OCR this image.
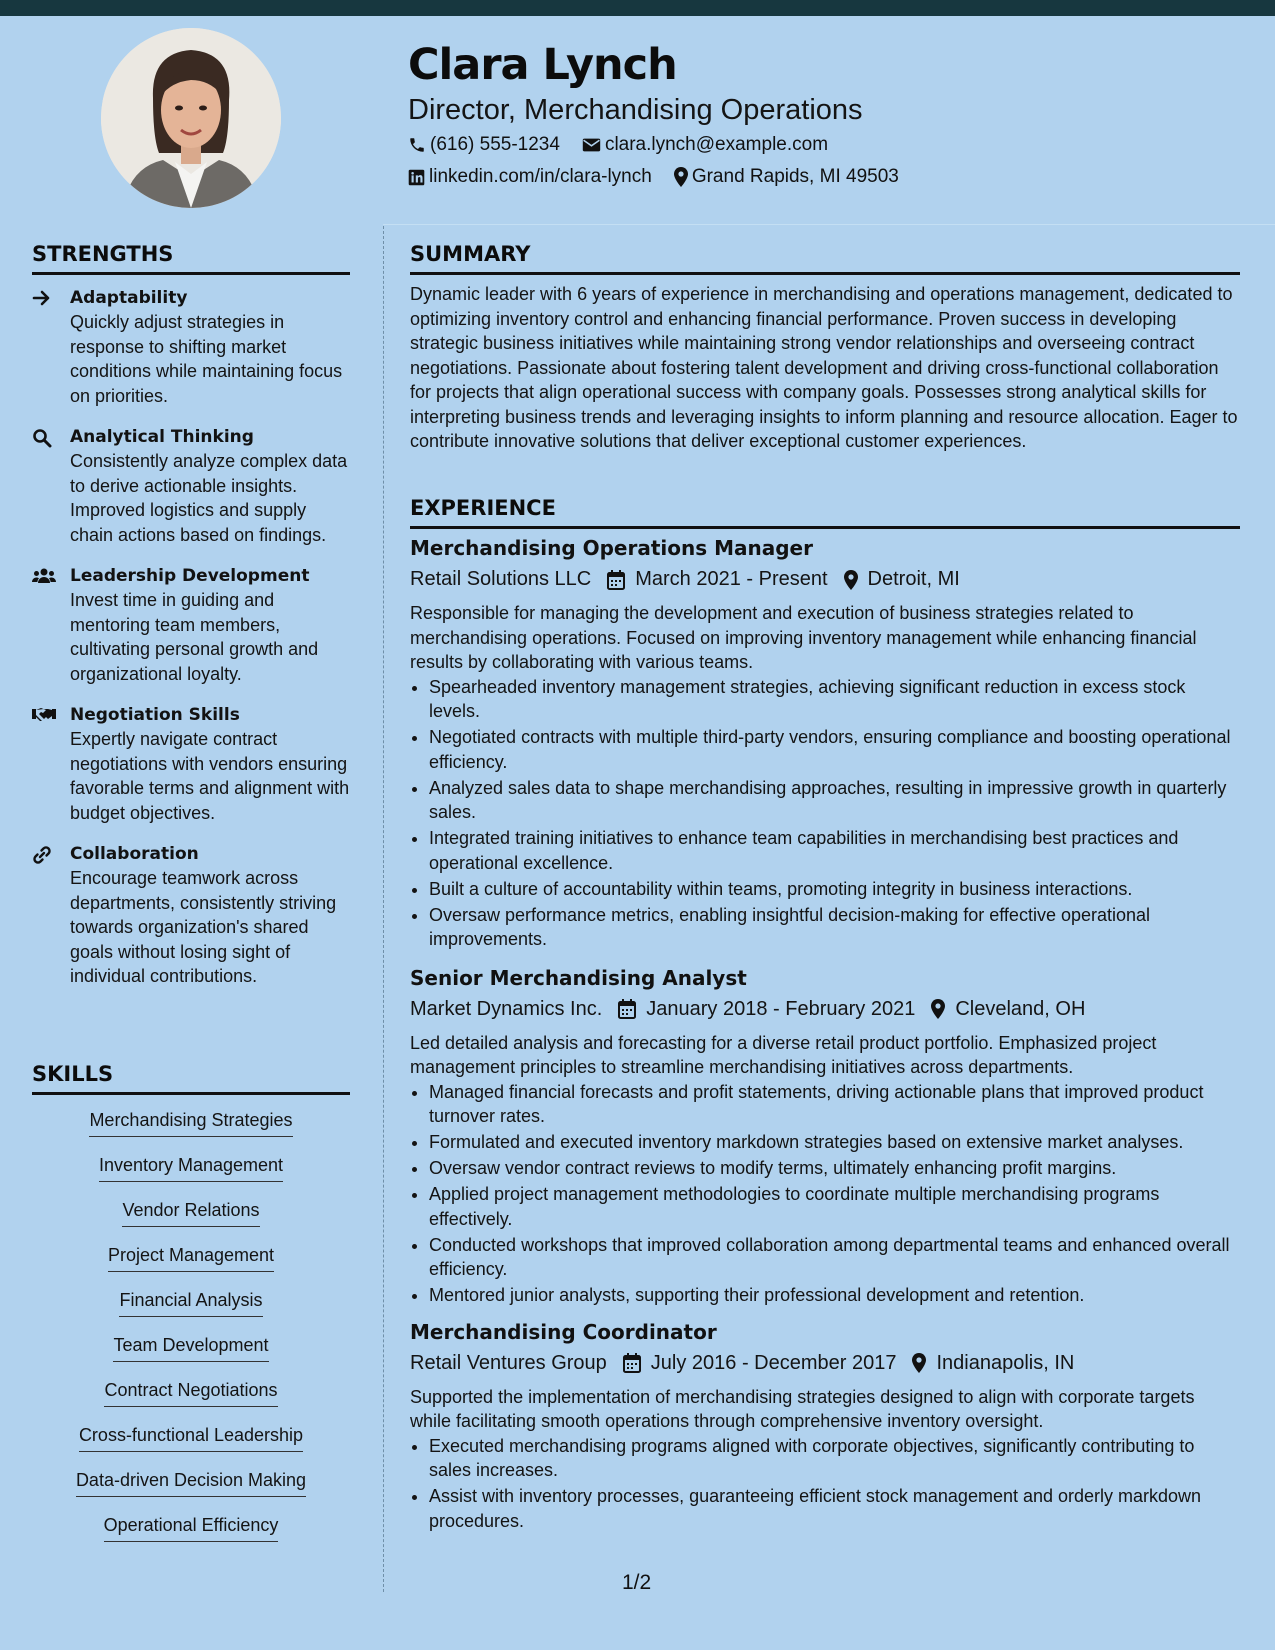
Clara Lynch
Director, Merchandising Operations
(616) 555-1234 clara.lynch@example.com
linkedin.com/in/clara-lynch Grand Rapids, MI 49503
STRENGTHS
Adaptability
Quickly adjust strategies in response to shifting market conditions while maintaining focus on priorities.
Analytical Thinking
Consistently analyze complex data to derive actionable insights. Improved logistics and supply chain actions based on findings.
Leadership Development
Invest time in guiding and mentoring team members, cultivating personal growth and organizational loyalty.
Negotiation Skills
Expertly navigate contract negotiations with vendors ensuring favorable terms and alignment with budget objectives.
Collaboration
Encourage teamwork across departments, consistently striving towards organization's shared goals without losing sight of individual contributions.
SKILLS
Merchandising Strategies
Inventory Management
Vendor Relations
Project Management
Financial Analysis
Team Development
Contract Negotiations
Cross-functional Leadership
Data-driven Decision Making
Operational Efficiency
SUMMARY
Dynamic leader with 6 years of experience in merchandising and operations management, dedicated to optimizing inventory control and enhancing financial performance. Proven success in developing strategic business initiatives while maintaining strong vendor relationships and overseeing contract negotiations. Passionate about fostering talent development and driving cross-functional collaboration for projects that align operational success with company goals. Possesses strong analytical skills for interpreting business trends and leveraging insights to inform planning and resource allocation. Eager to contribute innovative solutions that deliver exceptional customer experiences.
EXPERIENCE
Merchandising Operations Manager
Retail Solutions LLC March 2021 - Present Detroit, MI
Responsible for managing the development and execution of business strategies related to merchandising operations. Focused on improving inventory management while enhancing financial results by collaborating with various teams.
• Spearheaded inventory management strategies, achieving significant reduction in excess stock levels.
• Negotiated contracts with multiple third-party vendors, ensuring compliance and boosting operational efficiency.
• Analyzed sales data to shape merchandising approaches, resulting in impressive growth in quarterly sales.
• Integrated training initiatives to enhance team capabilities in merchandising best practices and operational excellence.
• Built a culture of accountability within teams, promoting integrity in business interactions.
• Oversaw performance metrics, enabling insightful decision-making for effective operational improvements.
Senior Merchandising Analyst
Market Dynamics Inc. January 2018 - February 2021 Cleveland, OH
Led detailed analysis and forecasting for a diverse retail product portfolio. Emphasized project management principles to streamline merchandising initiatives across departments.
• Managed financial forecasts and profit statements, driving actionable plans that improved product turnover rates.
• Formulated and executed inventory markdown strategies based on extensive market analyses.
• Oversaw vendor contract reviews to modify terms, ultimately enhancing profit margins.
• Applied project management methodologies to coordinate multiple merchandising programs effectively.
• Conducted workshops that improved collaboration among departmental teams and enhanced overall efficiency.
• Mentored junior analysts, supporting their professional development and retention.
Merchandising Coordinator
Retail Ventures Group July 2016 - December 2017 Indianapolis, IN
Supported the implementation of merchandising strategies designed to align with corporate targets while facilitating smooth operations through comprehensive inventory oversight.
• Executed merchandising programs aligned with corporate objectives, significantly contributing to sales increases.
• Assist with inventory processes, guaranteeing efficient stock management and orderly markdown procedures.
1/2
